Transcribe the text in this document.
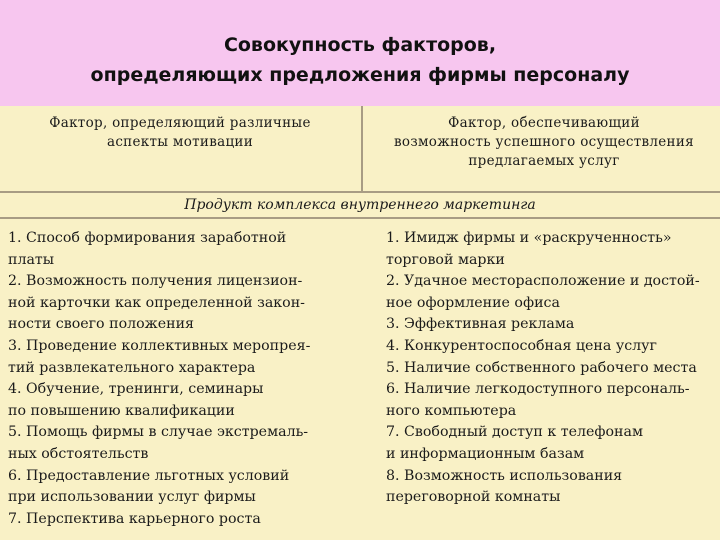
Совокупность факторов,
определяющих предложения фирмы персоналу
Фактор, определяющий различные
аспекты мотивации
Фактор, обеспечивающий
возможность успешного осуществления
предлагаемых услуг
Продукт комплекса внутреннего маркетинга
1. Способ формирования заработной
платы
2. Возможность получения лицензион-
ной карточки как определенной закон-
ности своего положения
3. Проведение коллективных меропрея-
тий развлекательного характера
4. Обучение, тренинги, семинары
по повышению квалификации
5. Помощь фирмы в случае экстремаль-
ных обстоятельств
6. Предоставление льготных условий
при использовании услуг фирмы
7. Перспектива карьерного роста
1. Имидж фирмы и «раскрученность»
торговой марки
2. Удачное месторасположение и достой-
ное оформление офиса
3. Эффективная реклама
4. Конкурентоспособная цена услуг
5. Наличие собственного рабочего места
6. Наличие легкодоступного персональ-
ного компьютера
7. Свободный доступ к телефонам
и информационным базам
8. Возможность использования
переговорной комнаты
